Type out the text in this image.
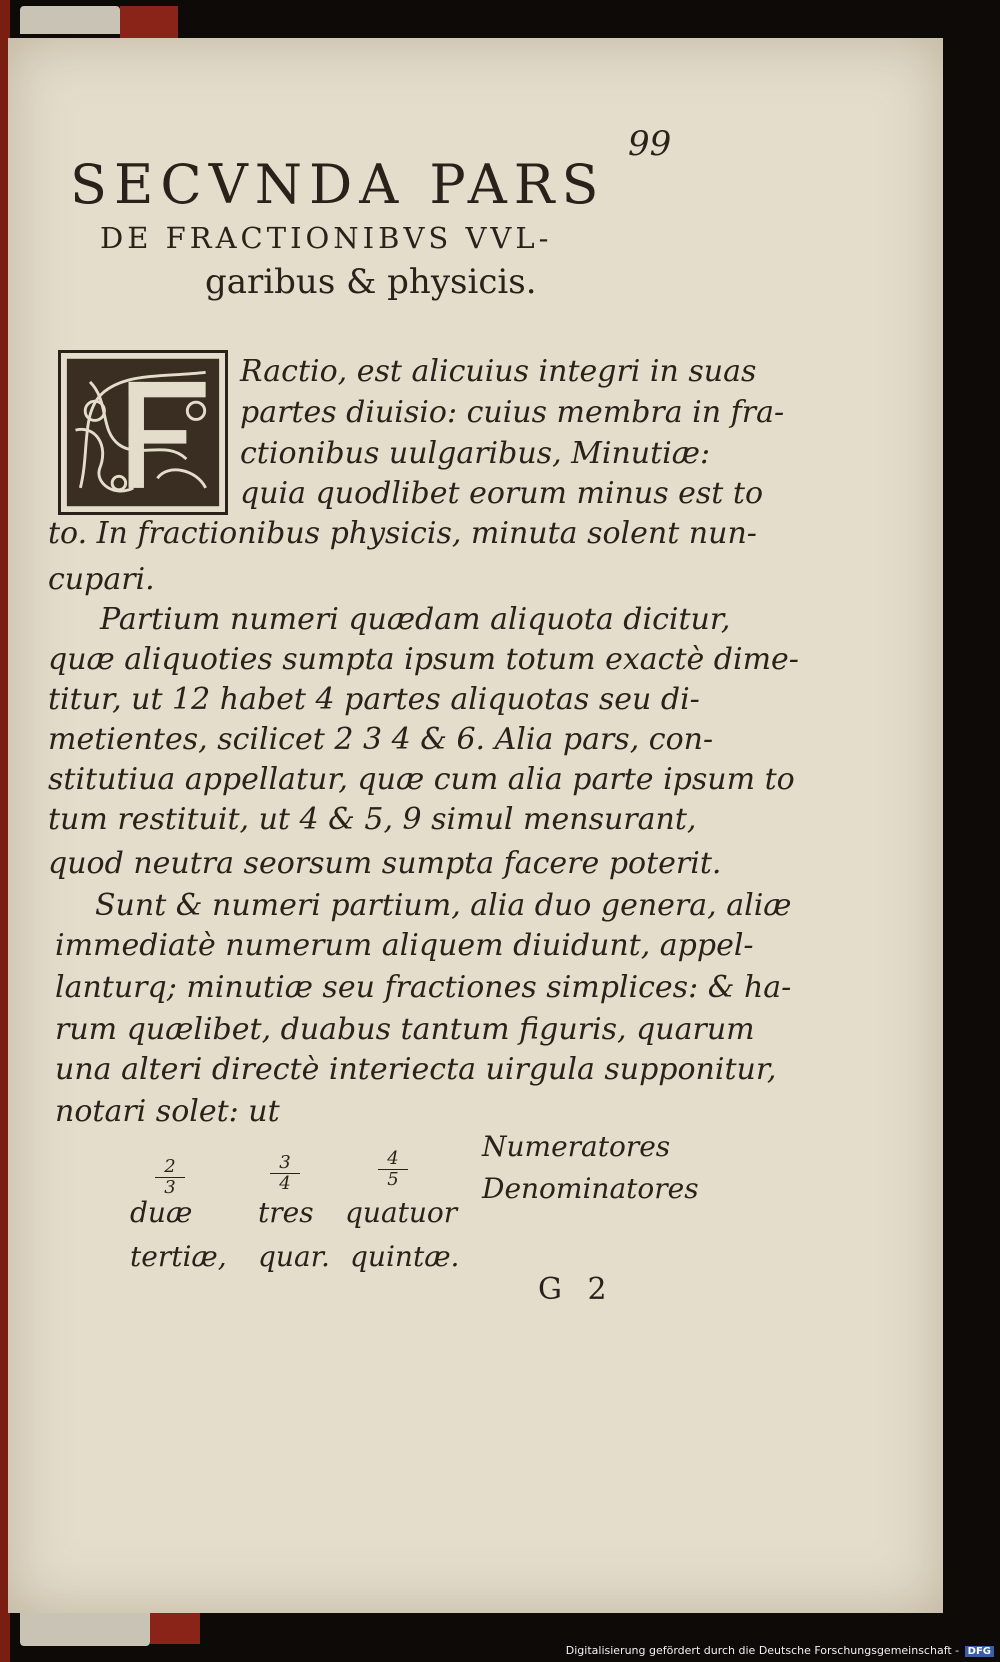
99
SECVNDA PARS
DE FRACTIONIBVS VVL-
garibus & physicis.
Ractio, est alicuius integri in suas
partes diuisio: cuius membra in fra-
ctionibus uulgaribus, Minutiæ:
quia quodlibet eorum minus est to
to. In fractionibus physicis, minuta solent nun-
cupari.
Partium numeri quædam aliquota dicitur,
quæ aliquoties sumpta ipsum totum exactè dime-
titur, ut 12 habet 4 partes aliquotas seu di-
metientes, scilicet 2 3 4 & 6. Alia pars, con-
stitutiua appellatur, quæ cum alia parte ipsum to
tum restituit, ut 4 & 5, 9 simul mensurant,
quod neutra seorsum sumpta facere poterit.
Sunt & numeri partium, alia duo genera, aliæ
immediatè numerum aliquem diuidunt, appel-
lanturq; minutiæ seu fractiones simplices: & ha-
rum quælibet, duabus tantum figuris, quarum
una alteri directè interiecta uirgula supponitur,
notari solet: ut
$\frac{2}{3}$	$\frac{3}{4}$	$\frac{4}{5}$
duæ tres quatuor
tertiæ, quar. quintæ.
Numeratores
Denominatores
G 2
Digitalisierung gefördert durch die Deutsche Forschungsgemeinschaft - DFG
